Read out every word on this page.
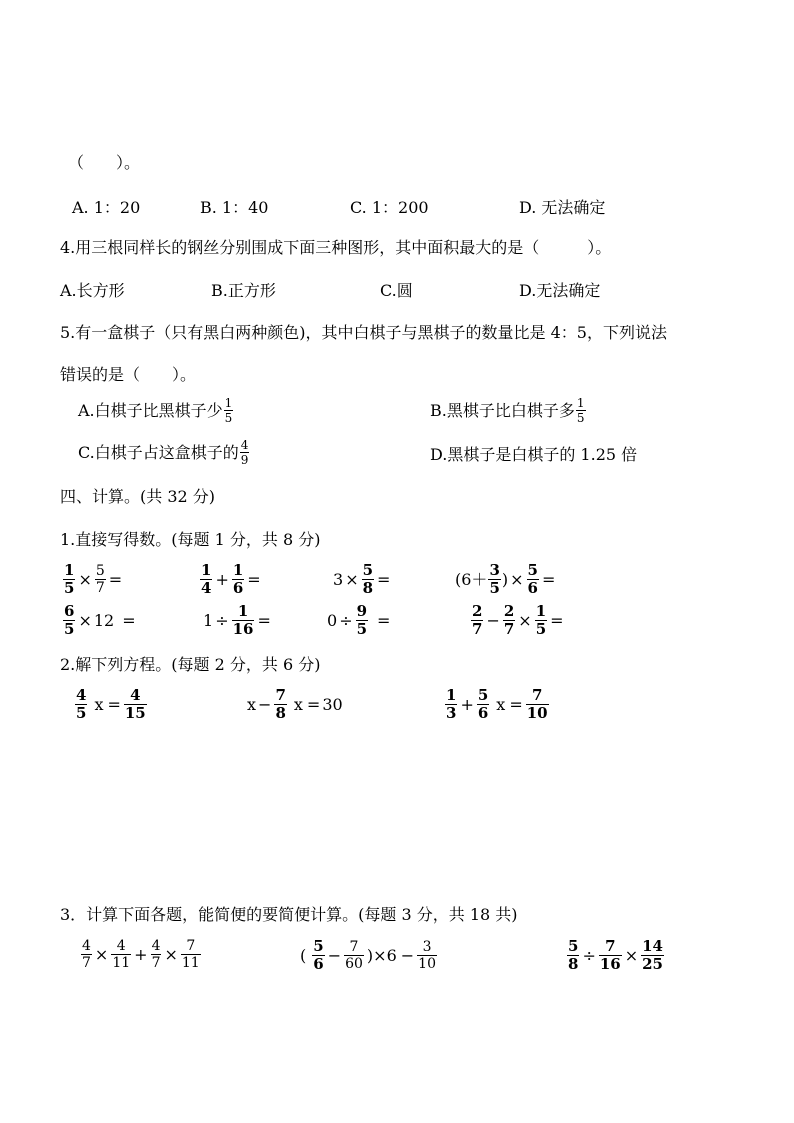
（　　）。
A. 1：20	B. 1：40	C. 1：200	D. 无法确定
4.用三根同样长的钢丝分别围成下面三种图形，其中面积最大的是（　　　）。
A.长方形	B.正方形	C.圆	D.无法确定
5.有一盒棋子（只有黑白两种颜色)，其中白棋子与黑棋子的数量比是 4：5，下列说法
错误的是（　　）。
A.白棋子比黑棋子少 $\frac{1}{5}$	B.黑棋子比白棋子多 $\frac{1}{5}$
C.白棋子占这盒棋子的 $\frac{4}{9}$	D.黑棋子是白棋子的 1.25 倍
四、计算。(共 32 分)
1.直接写得数。(每题 1 分，共 8 分)
$\frac{1}{5} \times \frac{5}{7}$ =	$\frac{1}{4} + \frac{1}{6}$ =	$3 \times \frac{5}{8}$ =	($6+ \frac{3}{5}$ ) × $\frac{5}{6}$ =
$\frac{6}{5} \times 12$ =	$1 \div \frac{1}{16}$ =	$0 \div \frac{9}{5}$ =	$\frac{2}{7} - \frac{2}{7} \times \frac{1}{5}$ =
2.解下列方程。(每题 2 分，共 6 分)
$\frac{4}{5}$ $x = \frac{4}{15}$	$x - \frac{7}{8}$ x = 30	$\frac{1}{3} + \frac{5}{6}$ $x = \frac{7}{10}$
3．计算下面各题，能简便的要简便计算。(每题 3 分，共 18 共)
$\frac{4}{7} \times \frac{4}{11} + \frac{4}{7} \times \frac{7}{11}$	( $\frac{5}{6} - \frac{7}{60} )\times 6 - \frac{3}{10}$	$\frac{5}{8} \div \frac{7}{16} \times \frac{14}{25}$
